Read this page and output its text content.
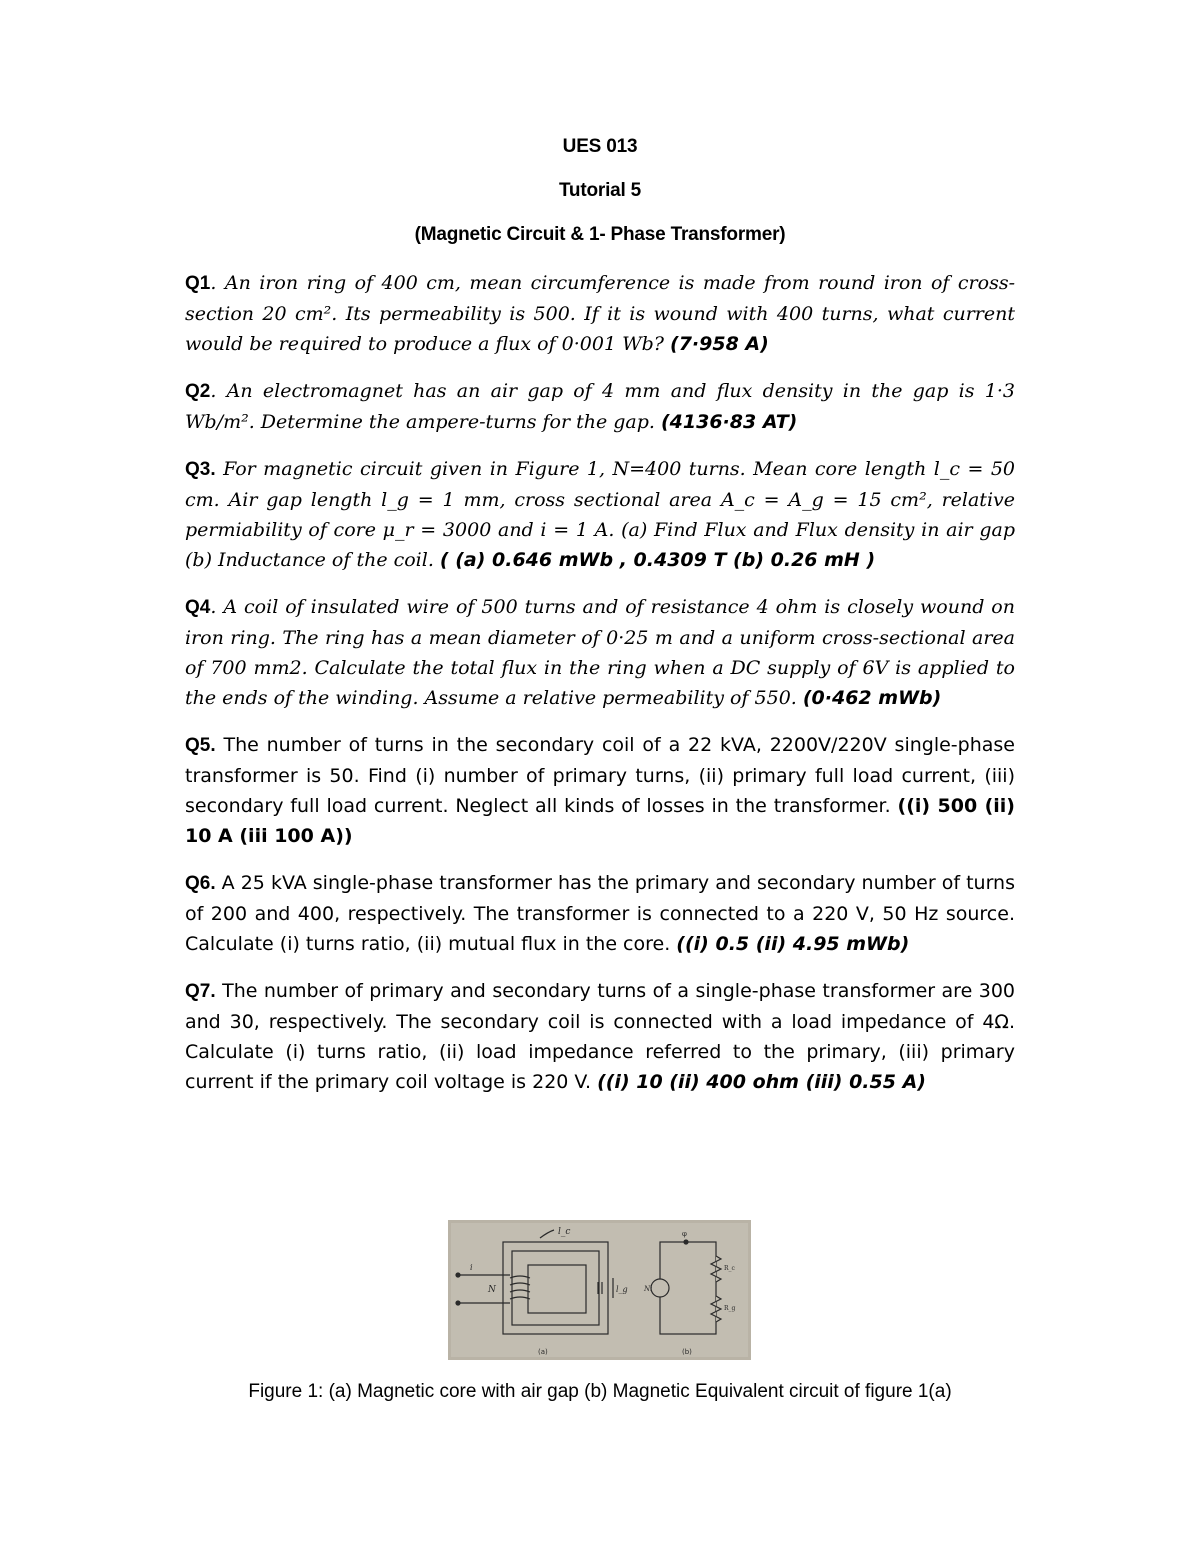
UES 013
Tutorial 5
(Magnetic Circuit & 1- Phase Transformer)
Q1. An iron ring of 400 cm, mean circumference is made from round iron of cross-section 20 cm². Its permeability is 500. If it is wound with 400 turns, what current would be required to produce a flux of 0·001 Wb? (7·958 A)
Q2. An electromagnet has an air gap of 4 mm and flux density in the gap is 1·3 Wb/m². Determine the ampere-turns for the gap. (4136·83 AT)
Q3. For magnetic circuit given in Figure 1, N=400 turns. Mean core length l_c = 50 cm. Air gap length l_g = 1 mm, cross sectional area A_c = A_g = 15 cm², relative permiability of core μ_r = 3000 and i = 1 A. (a) Find Flux and Flux density in air gap (b) Inductance of the coil. ( (a) 0.646 mWb , 0.4309 T (b) 0.26 mH )
Q4. A coil of insulated wire of 500 turns and of resistance 4 ohm is closely wound on iron ring. The ring has a mean diameter of 0·25 m and a uniform cross-sectional area of 700 mm2. Calculate the total flux in the ring when a DC supply of 6V is applied to the ends of the winding. Assume a relative permeability of 550. (0·462 mWb)
Q5. The number of turns in the secondary coil of a 22 kVA, 2200V/220V single-phase transformer is 50. Find (i) number of primary turns, (ii) primary full load current, (iii) secondary full load current. Neglect all kinds of losses in the transformer. ((i) 500 (ii) 10 A (iii 100 A))
Q6. A 25 kVA single-phase transformer has the primary and secondary number of turns of 200 and 400, respectively. The transformer is connected to a 220 V, 50 Hz source. Calculate (i) turns ratio, (ii) mutual flux in the core. ((i) 0.5 (ii) 4.95 mWb)
Q7. The number of primary and secondary turns of a single-phase transformer are 300 and 30, respectively. The secondary coil is connected with a load impedance of 4Ω. Calculate (i) turns ratio, (ii) load impedance referred to the primary, (iii) primary current if the primary coil voltage is 220 V. ((i) 10 (ii) 400 ohm (iii) 0.55 A)
l_c
i
N	l_g
(a)
Ni
φ
R_c
R_g
(b)
Figure 1: (a) Magnetic core with air gap (b) Magnetic Equivalent circuit of figure 1(a)
